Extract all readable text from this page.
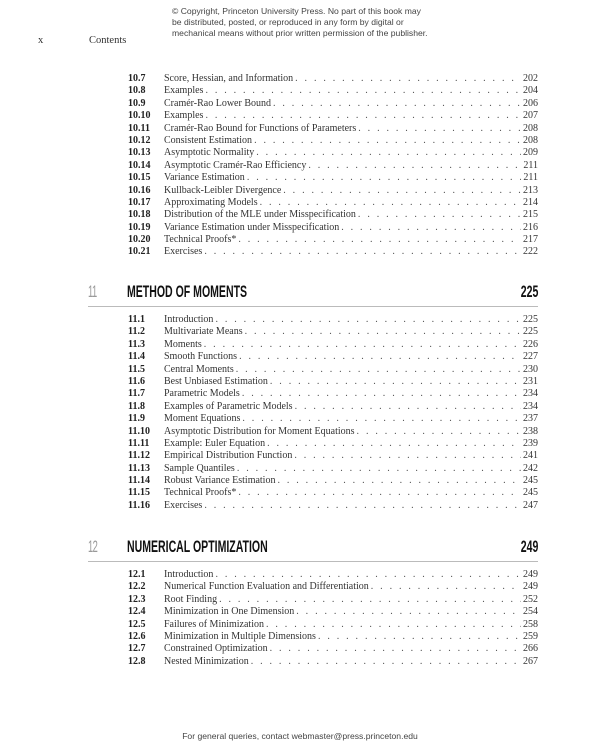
© Copyright, Princeton University Press. No part of this book may be distributed, posted, or reproduced in any form by digital or mechanical means without prior written permission of the publisher.
x	Contents
10.7	Score, Hessian, and Information . . .	202
10.8	Examples . . .	204
10.9	Cramér-Rao Lower Bound . . .	206
10.10	Examples . . .	207
10.11	Cramér-Rao Bound for Functions of Parameters . . .	208
10.12	Consistent Estimation . . .	208
10.13	Asymptotic Normality . . .	209
10.14	Asymptotic Cramér-Rao Efficiency . . .	211
10.15	Variance Estimation . . .	211
10.16	Kullback-Leibler Divergence . . .	213
10.17	Approximating Models . . .	214
10.18	Distribution of the MLE under Misspecification . . .	215
10.19	Variance Estimation under Misspecification . . .	216
10.20	Technical Proofs* . . .	217
10.21	Exercises . . .	222
11 METHOD OF MOMENTS	225
11.1	Introduction . . .	225
11.2	Multivariate Means . . .	225
11.3	Moments . . .	226
11.4	Smooth Functions . . .	227
11.5	Central Moments . . .	230
11.6	Best Unbiased Estimation . . .	231
11.7	Parametric Models . . .	234
11.8	Examples of Parametric Models . . .	234
11.9	Moment Equations . . .	237
11.10	Asymptotic Distribution for Moment Equations . . .	238
11.11	Example: Euler Equation . . .	239
11.12	Empirical Distribution Function . . .	241
11.13	Sample Quantiles . . .	242
11.14	Robust Variance Estimation . . .	245
11.15	Technical Proofs* . . .	245
11.16	Exercises . . .	247
12 NUMERICAL OPTIMIZATION	249
12.1	Introduction . . .	249
12.2	Numerical Function Evaluation and Differentiation . . .	249
12.3	Root Finding . . .	252
12.4	Minimization in One Dimension . . .	254
12.5	Failures of Minimization . . .	258
12.6	Minimization in Multiple Dimensions . . .	259
12.7	Constrained Optimization . . .	266
12.8	Nested Minimization . . .	267
For general queries, contact webmaster@press.princeton.edu
